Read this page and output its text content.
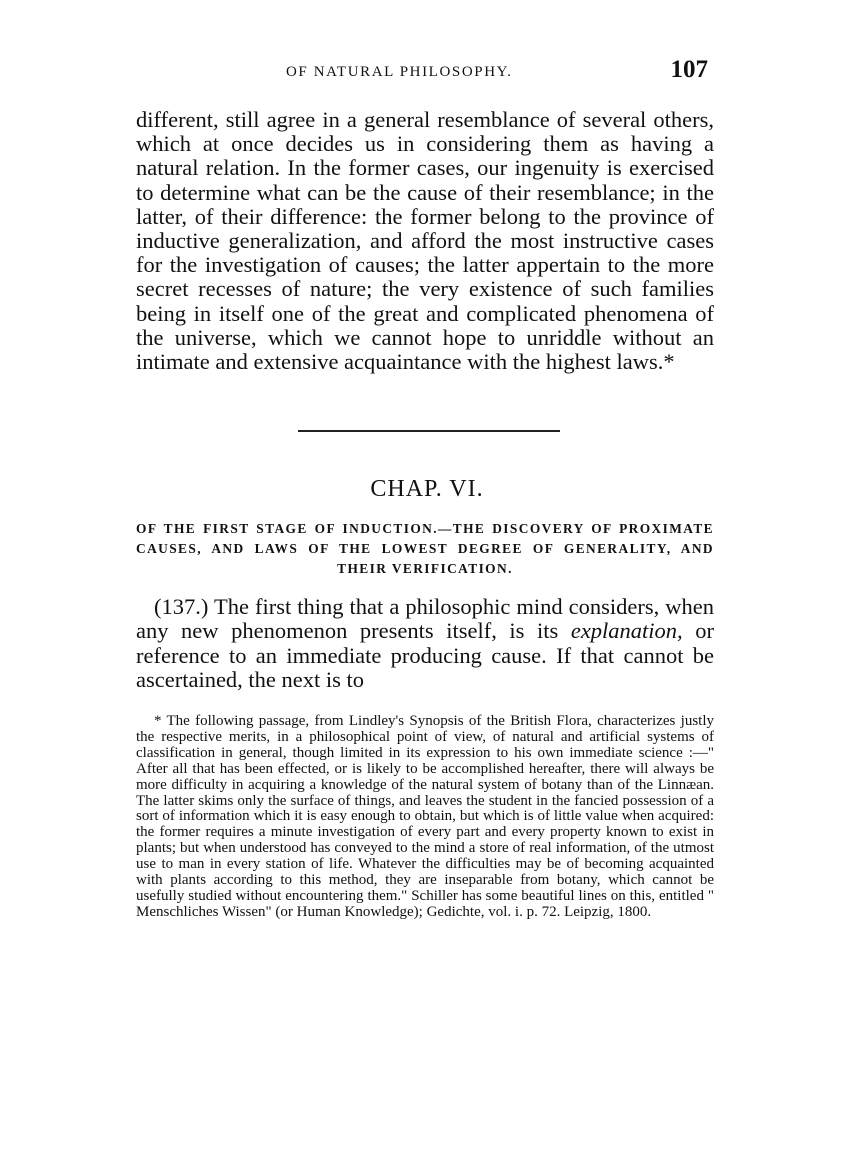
OF NATURAL PHILOSOPHY.	107

different, still agree in a general resemblance of several others, which at once decides us in considering them as having a natural relation. In the former cases, our ingenuity is exercised to determine what can be the cause of their resemblance; in the latter, of their difference: the former belong to the province of inductive generalization, and afford the most instructive cases for the investigation of causes; the latter appertain to the more secret recesses of nature; the very existence of such families being in itself one of the great and complicated phenomena of the universe, which we cannot hope to unriddle without an intimate and extensive acquaintance with the highest laws.*

CHAP. VI.

OF THE FIRST STAGE OF INDUCTION.—THE DISCOVERY OF PROXIMATE CAUSES, AND LAWS OF THE LOWEST DEGREE OF GENERALITY, AND THEIR VERIFICATION.

(137.) The first thing that a philosophic mind considers, when any new phenomenon presents itself, is its explanation, or reference to an immediate producing cause. If that cannot be ascertained, the next is to

* The following passage, from Lindley's Synopsis of the British Flora, characterizes justly the respective merits, in a philosophical point of view, of natural and artificial systems of classification in general, though limited in its expression to his own immediate science :—" After all that has been effected, or is likely to be accomplished hereafter, there will always be more difficulty in acquiring a knowledge of the natural system of botany than of the Linnæan. The latter skims only the surface of things, and leaves the student in the fancied possession of a sort of information which it is easy enough to obtain, but which is of little value when acquired: the former requires a minute investigation of every part and every property known to exist in plants; but when understood has conveyed to the mind a store of real information, of the utmost use to man in every station of life. Whatever the difficulties may be of becoming acquainted with plants according to this method, they are inseparable from botany, which cannot be usefully studied without encountering them." Schiller has some beautiful lines on this, entitled " Menschliches Wissen" (or Human Knowledge); Gedichte, vol. i. p. 72. Leipzig, 1800.
